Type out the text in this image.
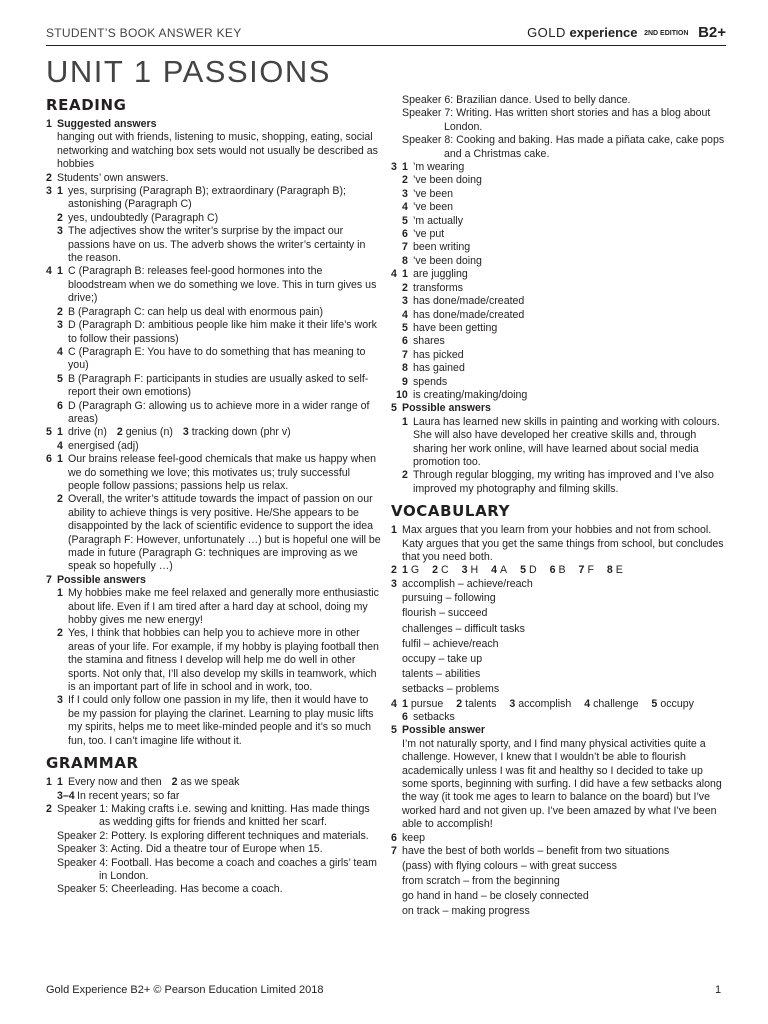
STUDENT’S BOOK ANSWER KEY	GOLD experience 2ND EDITION B2+
UNIT 1 PASSIONS
READING
1 Suggested answers
hanging out with friends, listening to music, shopping, eating, social networking and watching box sets would not usually be described as hobbies
2 Students’ own answers.
3 1 yes, surprising (Paragraph B); extraordinary (Paragraph B); astonishing (Paragraph C)
2 yes, undoubtedly (Paragraph C)
3 The adjectives show the writer’s surprise by the impact our passions have on us. The adverb shows the writer’s certainty in the reason.
4 1 C (Paragraph B: releases feel-good hormones into the bloodstream when we do something we love. This in turn gives us drive;)
2 B (Paragraph C: can help us deal with enormous pain)
3 D (Paragraph D: ambitious people like him make it their life’s work to follow their passions)
4 C (Paragraph E: You have to do something that has meaning to you)
5 B (Paragraph F: participants in studies are usually asked to self-report their own emotions)
6 D (Paragraph G: allowing us to achieve more in a wider range of areas)
5 1 drive (n) 2 genius (n) 3 tracking down (phr v)
4 energised (adj)
6 1 Our brains release feel-good chemicals that make us happy when we do something we love; this motivates us; truly successful people follow passions; passions help us relax.
2 Overall, the writer’s attitude towards the impact of passion on our ability to achieve things is very positive. He/She appears to be disappointed by the lack of scientific evidence to support the idea (Paragraph F: However, unfortunately …) but is hopeful one will be made in future (Paragraph G: techniques are improving as we speak so hopefully …)
7 Possible answers
1 My hobbies make me feel relaxed and generally more enthusiastic about life. Even if I am tired after a hard day at school, doing my hobby gives me new energy!
2 Yes, I think that hobbies can help you to achieve more in other areas of your life. For example, if my hobby is playing football then the stamina and fitness I develop will help me do well in other sports. Not only that, I’ll also develop my skills in teamwork, which is an important part of life in school and in work, too.
3 If I could only follow one passion in my life, then it would have to be my passion for playing the clarinet. Learning to play music lifts my spirits, helps me to meet like-minded people and it’s so much fun, too. I can’t imagine life without it.
GRAMMAR
1 1 Every now and then 2 as we speak
3–4 In recent years; so far
2 Speaker 1: Making crafts i.e. sewing and knitting. Has made things as wedding gifts for friends and knitted her scarf.
Speaker 2: Pottery. Is exploring different techniques and materials.
Speaker 3: Acting. Did a theatre tour of Europe when 15.
Speaker 4: Football. Has become a coach and coaches a girls’ team in London.
Speaker 5: Cheerleading. Has become a coach.
Speaker 6: Brazilian dance. Used to belly dance.
Speaker 7: Writing. Has written short stories and has a blog about London.
Speaker 8: Cooking and baking. Has made a piñata cake, cake pops and a Christmas cake.
3 1 ’m wearing
2 ’ve been doing
3 ’ve been
4 ’ve been
5 ’m actually
6 ’ve put
7 been writing
8 ’ve been doing
4 1 are juggling
2 transforms
3 has done/made/created
4 has done/made/created
5 have been getting
6 shares
7 has picked
8 has gained
9 spends
10 is creating/making/doing
5 Possible answers
1 Laura has learned new skills in painting and working with colours. She will also have developed her creative skills and, through sharing her work online, will have learned about social media promotion too.
2 Through regular blogging, my writing has improved and I’ve also improved my photography and filming skills.
VOCABULARY
1 Max argues that you learn from your hobbies and not from school. Katy argues that you get the same things from school, but concludes that you need both.
2 1 G 2 C 3 H 4 A 5 D 6 B 7 F 8 E
3 accomplish – achieve/reach
pursuing – following
flourish – succeed
challenges – difficult tasks
fulfil – achieve/reach
occupy – take up
talents – abilities
setbacks – problems
4 1 pursue 2 talents 3 accomplish 4 challenge 5 occupy
6 setbacks
5 Possible answer
I’m not naturally sporty, and I find many physical activities quite a challenge. However, I knew that I wouldn’t be able to flourish academically unless I was fit and healthy so I decided to take up some sports, beginning with surfing. I did have a few setbacks along the way (it took me ages to learn to balance on the board) but I’ve worked hard and not given up. I’ve been amazed by what I’ve been able to accomplish!
6 keep
7 have the best of both worlds – benefit from two situations
(pass) with flying colours – with great success
from scratch – from the beginning
go hand in hand – be closely connected
on track – making progress
Gold Experience B2+ © Pearson Education Limited 2018	1
